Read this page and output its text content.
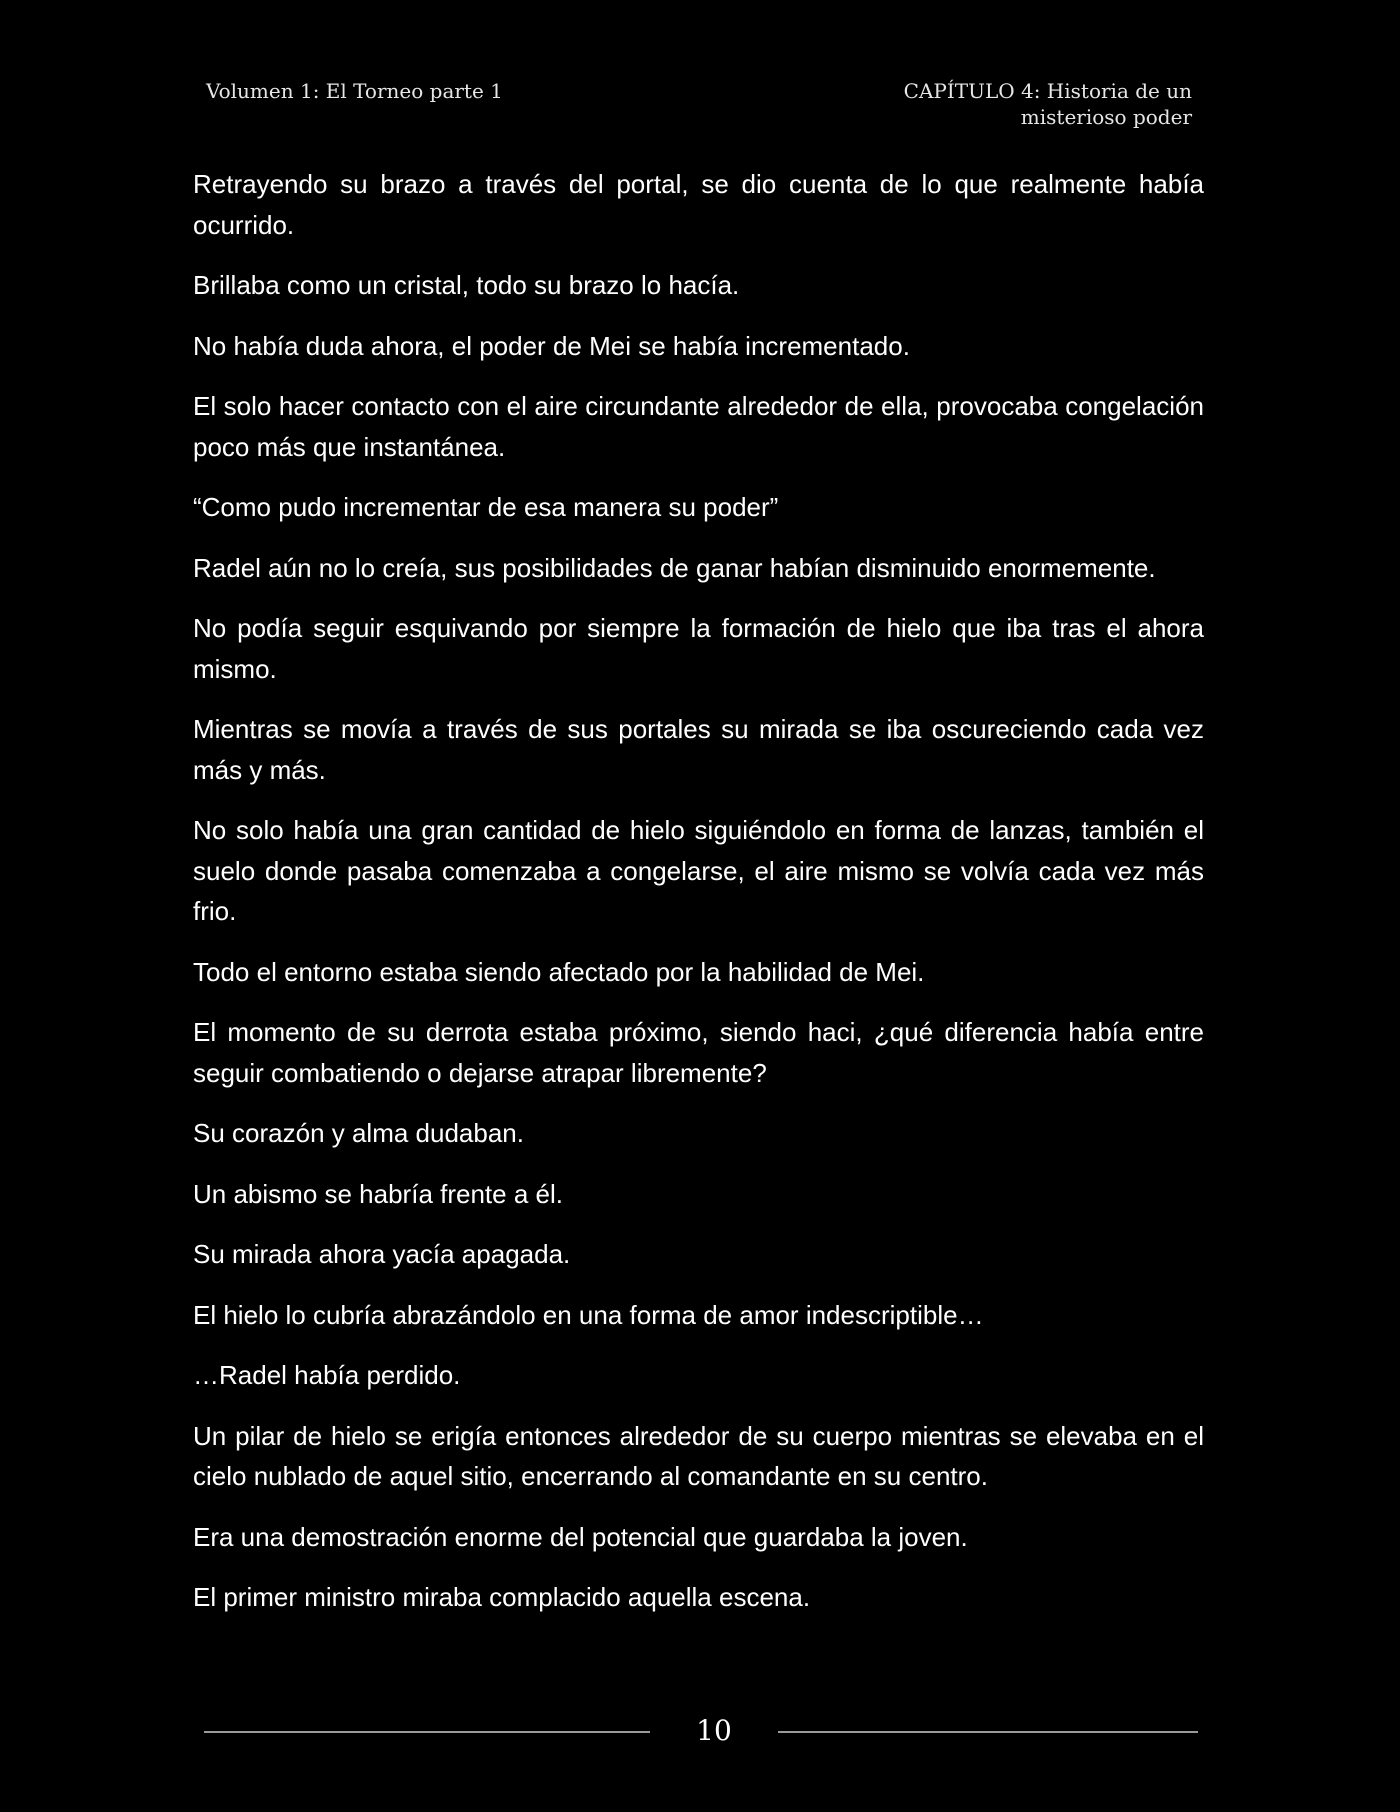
Volumen 1: El Torneo parte 1	CAPÍTULO 4: Historia de un
misterioso poder

Retrayendo su brazo a través del portal, se dio cuenta de lo que realmente había ocurrido.

Brillaba como un cristal, todo su brazo lo hacía.

No había duda ahora, el poder de Mei se había incrementado.

El solo hacer contacto con el aire circundante alrededor de ella, provocaba congelación poco más que instantánea.

“Como pudo incrementar de esa manera su poder”

Radel aún no lo creía, sus posibilidades de ganar habían disminuido enormemente.

No podía seguir esquivando por siempre la formación de hielo que iba tras el ahora mismo.

Mientras se movía a través de sus portales su mirada se iba oscureciendo cada vez más y más.

No solo había una gran cantidad de hielo siguiéndolo en forma de lanzas, también el suelo donde pasaba comenzaba a congelarse, el aire mismo se volvía cada vez más frio.

Todo el entorno estaba siendo afectado por la habilidad de Mei.

El momento de su derrota estaba próximo, siendo haci, ¿qué diferencia había entre seguir combatiendo o dejarse atrapar libremente?

Su corazón y alma dudaban.

Un abismo se habría frente a él.

Su mirada ahora yacía apagada.

El hielo lo cubría abrazándolo en una forma de amor indescriptible…

…Radel había perdido.

Un pilar de hielo se erigía entonces alrededor de su cuerpo mientras se elevaba en el cielo nublado de aquel sitio, encerrando al comandante en su centro.

Era una demostración enorme del potencial que guardaba la joven.

El primer ministro miraba complacido aquella escena.

10
